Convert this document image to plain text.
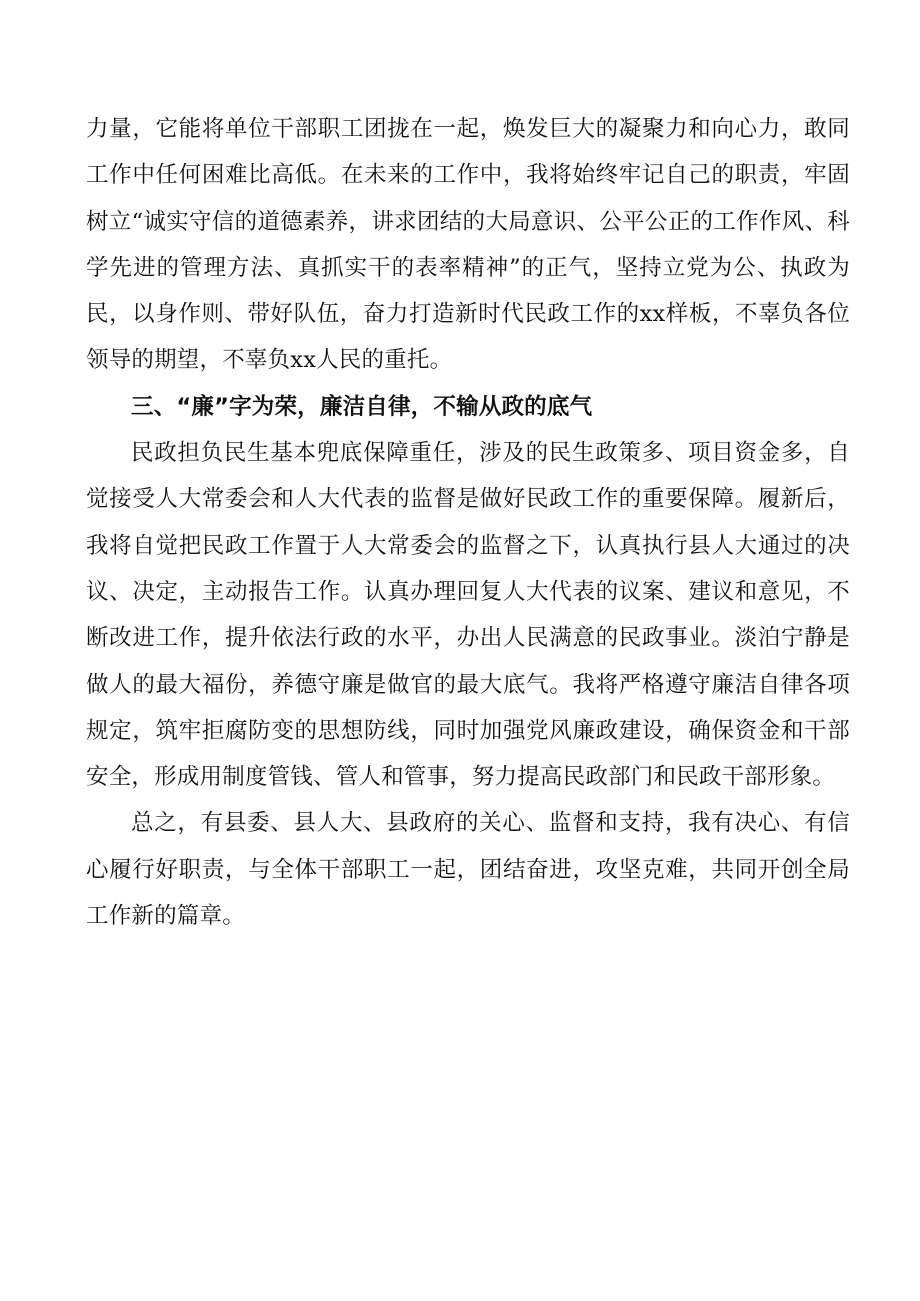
力量，它能将单位干部职工团拢在一起，焕发巨大的凝聚力和向心力，敢同工作中任何困难比高低。在未来的工作中，我将始终牢记自己的职责，牢固树立“诚实守信的道德素养，讲求团结的大局意识、公平公正的工作作风、科学先进的管理方法、真抓实干的表率精神”的正气，坚持立党为公、执政为民，以身作则、带好队伍，奋力打造新时代民政工作的xx样板，不辜负各位领导的期望，不辜负xx人民的重托。

三、“廉”字为荣，廉洁自律，不输从政的底气

民政担负民生基本兜底保障重任，涉及的民生政策多、项目资金多，自觉接受人大常委会和人大代表的监督是做好民政工作的重要保障。履新后，我将自觉把民政工作置于人大常委会的监督之下，认真执行县人大通过的决议、决定，主动报告工作。认真办理回复人大代表的议案、建议和意见，不断改进工作，提升依法行政的水平，办出人民满意的民政事业。淡泊宁静是做人的最大福份，养德守廉是做官的最大底气。我将严格遵守廉洁自律各项规定，筑牢拒腐防变的思想防线，同时加强党风廉政建设，确保资金和干部安全，形成用制度管钱、管人和管事，努力提高民政部门和民政干部形象。

总之，有县委、县人大、县政府的关心、监督和支持，我有决心、有信心履行好职责，与全体干部职工一起，团结奋进，攻坚克难，共同开创全局工作新的篇章。
